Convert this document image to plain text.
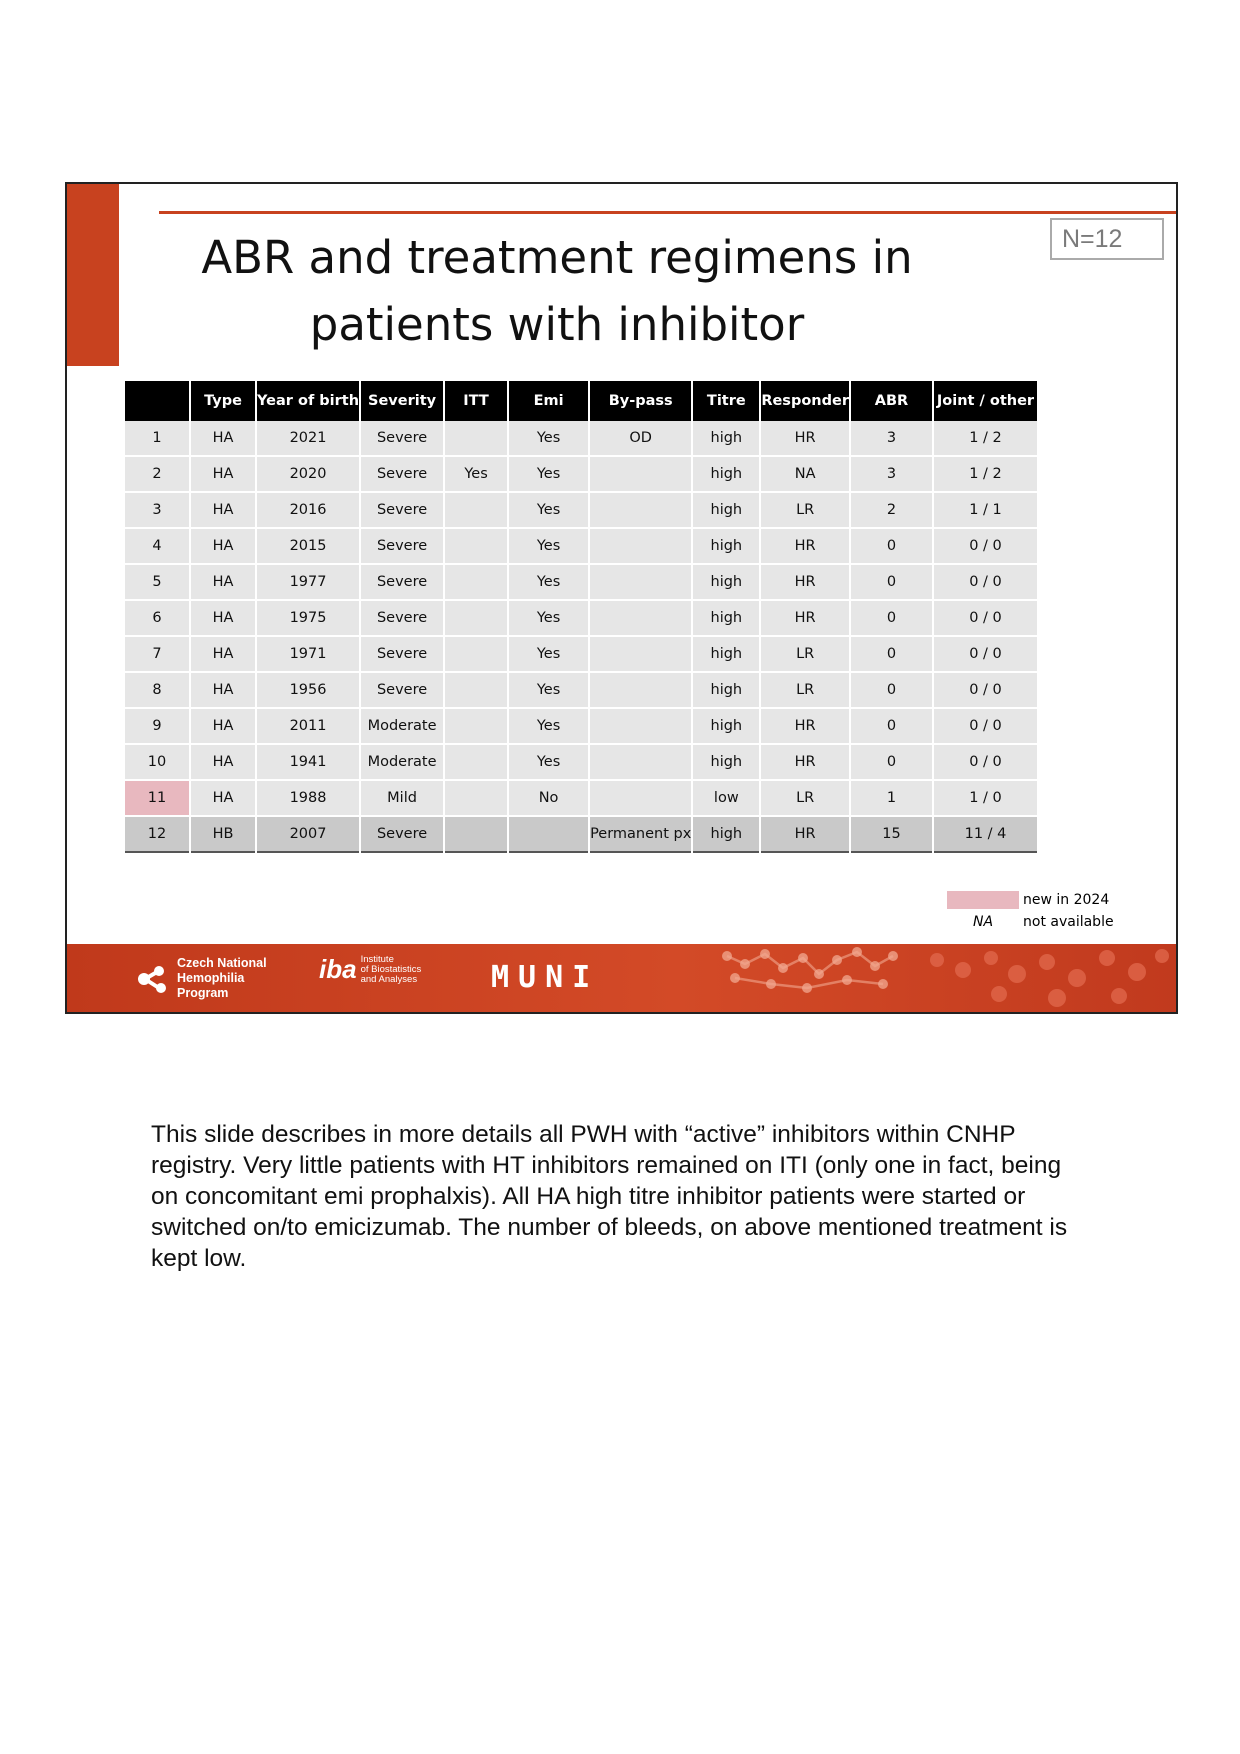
N=12
ABR and treatment regimens in
patients with inhibitor
	Type	Year of birth	Severity	ITT	Emi	By-pass	Titre	Responder	ABR	Joint / other
1	HA	2021	Severe		Yes	OD	high	HR	3	1 / 2
2	HA	2020	Severe	Yes	Yes		high	NA	3	1 / 2
3	HA	2016	Severe		Yes		high	LR	2	1 / 1
4	HA	2015	Severe		Yes		high	HR	0	0 / 0
5	HA	1977	Severe		Yes		high	HR	0	0 / 0
6	HA	1975	Severe		Yes		high	HR	0	0 / 0
7	HA	1971	Severe		Yes		high	LR	0	0 / 0
8	HA	1956	Severe		Yes		high	LR	0	0 / 0
9	HA	2011	Moderate		Yes		high	HR	0	0 / 0
10	HA	1941	Moderate		Yes		high	HR	0	0 / 0
11	HA	1988	Mild		No		low	LR	1	1 / 0
12	HB	2007	Severe			Permanent px	high	HR	15	11 / 4
new in 2024
NA	not available
Czech National
Hemophilia
Program
iba Institute
of Biostatistics
and Analyses MUNI

This slide describes in more details all PWH with “active” inhibitors within CNHP registry. Very little patients with HT inhibitors remained on ITI (only one in fact, being on concomitant emi prophalxis). All HA high titre inhibitor patients were started or switched on/to emicizumab. The number of bleeds, on above mentioned treatment is kept low.
